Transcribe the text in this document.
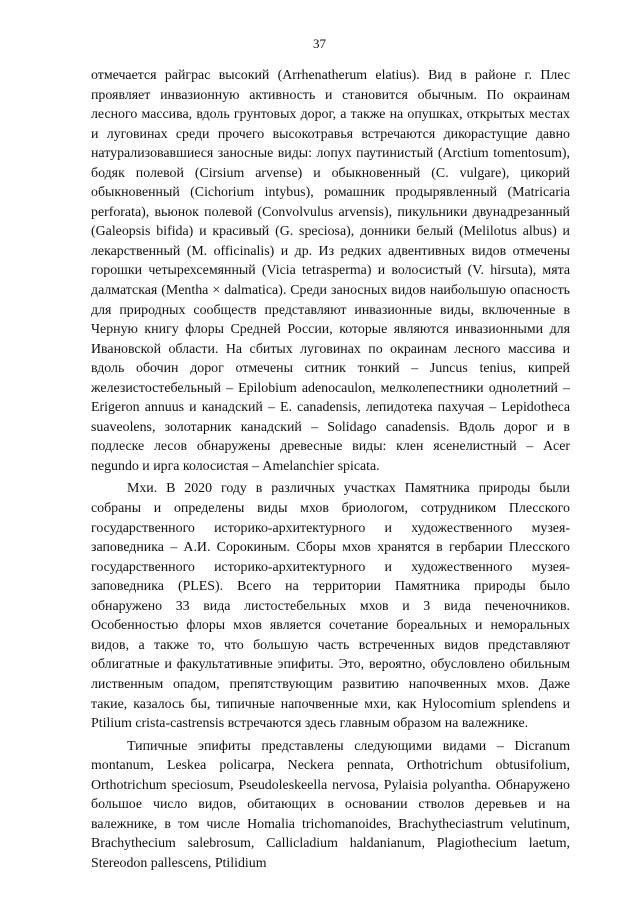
37

отмечается райграс высокий (Arrhenatherum elatius). Вид в районе г. Плес проявляет инвазионную активность и становится обычным. По окраинам лесного массива, вдоль грунтовых дорог, а также на опушках, открытых местах и луговинах среди прочего высокотравья встречаются дикорастущие давно натурализовавшиеся заносные виды: лопух паутинистый (Arctium tomentosum), бодяк полевой (Cirsium arvense) и обыкновенный (C. vulgare), цикорий обыкновенный (Cichorium intybus), ромашник продырявленный (Matricaria perforata), вьюнок полевой (Convolvulus arvensis), пикульники двунадрезанный (Galeopsis bifida) и красивый (G. speciosa), донники белый (Melilotus albus) и лекарственный (M. officinalis) и др. Из редких адвентивных видов отмечены горошки четырехсемянный (Vicia tetrasperma) и волосистый (V. hirsuta), мята далматская (Mentha × dalmatica). Среди заносных видов наибольшую опасность для природных сообществ представляют инвазионные виды, включенные в Черную книгу флоры Средней России, которые являются инвазионными для Ивановской области. На сбитых луговинах по окраинам лесного массива и вдоль обочин дорог отмечены ситник тонкий – Juncus tenius, кипрей железистостебельный – Epilobium adenocaulon, мелколепестники однолетний – Erigeron annuus и канадский – E. canadensis, лепидотека пахучая – Lepidotheca suaveolens, золотарник канадский – Solidago canadensis. Вдоль дорог и в подлеске лесов обнаружены древесные виды: клен ясенелистный – Acer negundo и ирга колосистая – Amelanchier spicata.

Мхи. В 2020 году в различных участках Памятника природы были собраны и определены виды мхов бриологом, сотрудником Плесского государственного историко-архитектурного и художественного музея-заповедника – А.И. Сорокиным. Сборы мхов хранятся в гербарии Плесского государственного историко-архитектурного и художественного музея-заповедника (PLES). Всего на территории Памятника природы было обнаружено 33 вида листостебельных мхов и 3 вида печеночников. Особенностью флоры мхов является сочетание бореальных и неморальных видов, а также то, что большую часть встреченных видов представляют облигатные и факультативные эпифиты. Это, вероятно, обусловлено обильным лиственным опадом, препятствующим развитию напочвенных мхов. Даже такие, казалось бы, типичные напочвенные мхи, как Hylocomium splendens и Ptilium crista-castrensis встречаются здесь главным образом на валежнике.

Типичные эпифиты представлены следующими видами – Dicranum montanum, Leskea policarpa, Neckera pennata, Orthotrichum obtusifolium, Orthotrichum speciosum, Pseudoleskeella nervosa, Pylaisia polyantha. Обнаружено большое число видов, обитающих в основании стволов деревьев и на валежнике, в том числе Homalia trichomanoides, Brachytheciastrum velutinum, Brachythecium salebrosum, Callicladium haldanianum, Plagiothecium laetum, Stereodon pallescens, Ptilidium
